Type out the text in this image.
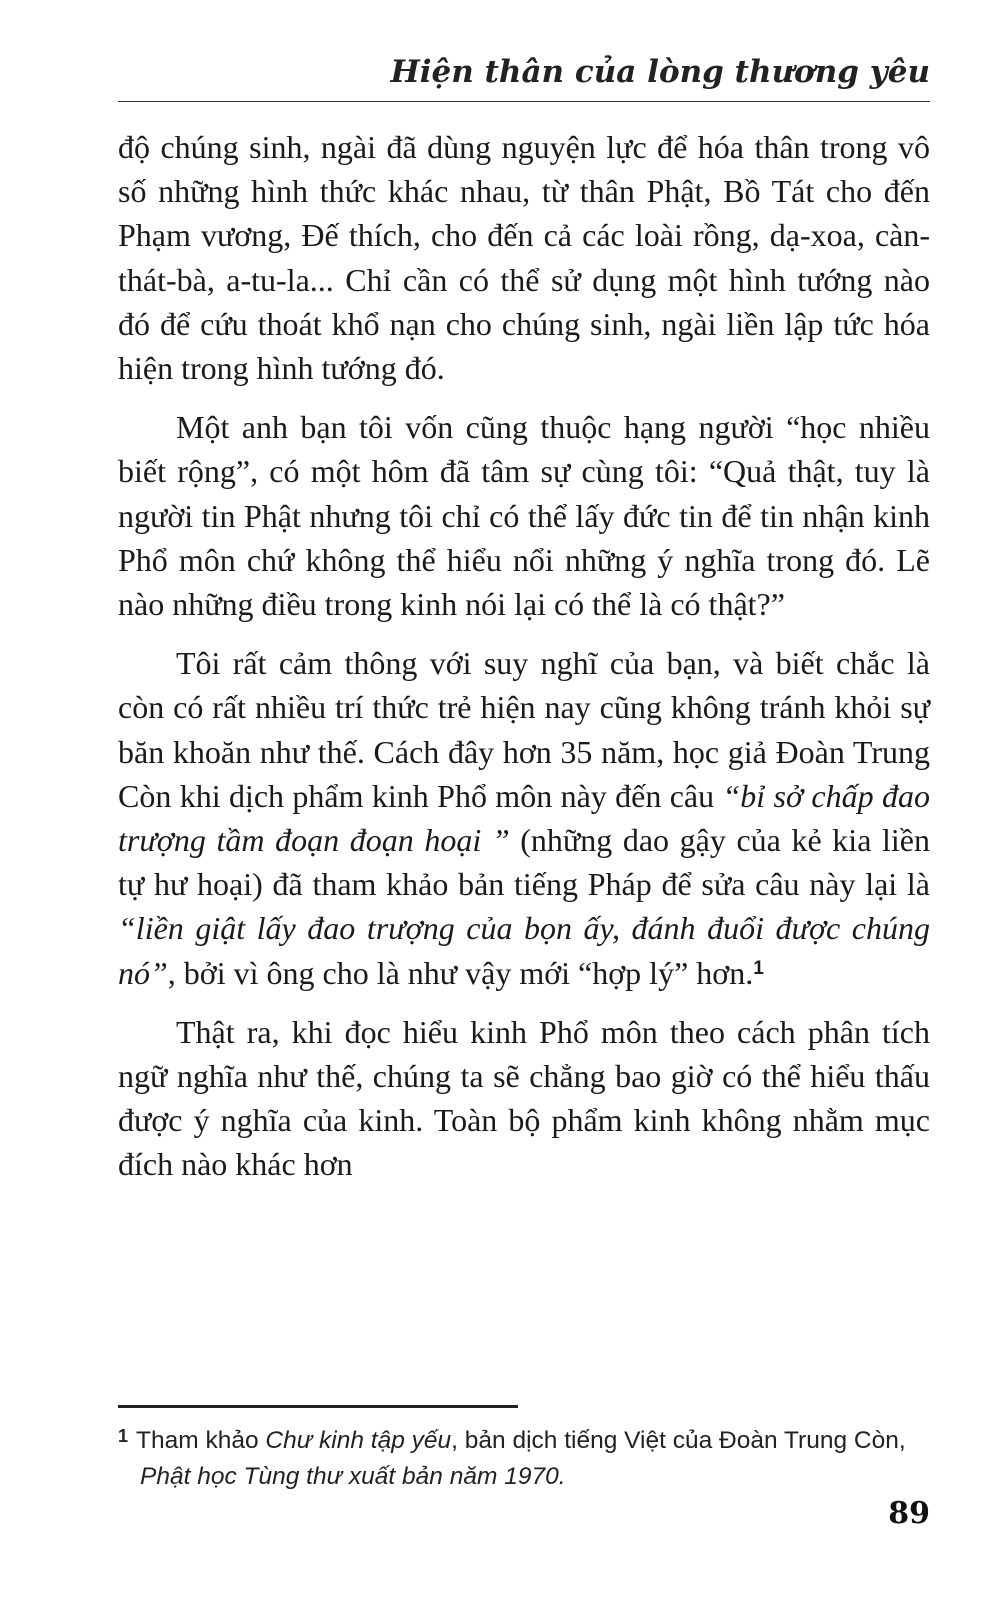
Hiện thân của lòng thương yêu

độ chúng sinh, ngài đã dùng nguyện lực để hóa thân trong vô số những hình thức khác nhau, từ thân Phật, Bồ Tát cho đến Phạm vương, Đế thích, cho đến cả các loài rồng, dạ-xoa, càn-thát-bà, a-tu-la... Chỉ cần có thể sử dụng một hình tướng nào đó để cứu thoát khổ nạn cho chúng sinh, ngài liền lập tức hóa hiện trong hình tướng đó.

Một anh bạn tôi vốn cũng thuộc hạng người “học nhiều biết rộng”, có một hôm đã tâm sự cùng tôi: “Quả thật, tuy là người tin Phật nhưng tôi chỉ có thể lấy đức tin để tin nhận kinh Phổ môn chứ không thể hiểu nổi những ý nghĩa trong đó. Lẽ nào những điều trong kinh nói lại có thể là có thật?”

Tôi rất cảm thông với suy nghĩ của bạn, và biết chắc là còn có rất nhiều trí thức trẻ hiện nay cũng không tránh khỏi sự băn khoăn như thế. Cách đây hơn 35 năm, học giả Đoàn Trung Còn khi dịch phẩm kinh Phổ môn này đến câu “bỉ sở chấp đao trượng tầm đoạn đoạn hoại ” (những dao gậy của kẻ kia liền tự hư hoại) đã tham khảo bản tiếng Pháp để sửa câu này lại là “liền giật lấy đao trượng của bọn ấy, đánh đuổi được chúng nó”, bởi vì ông cho là như vậy mới “hợp lý” hơn.$^1$

Thật ra, khi đọc hiểu kinh Phổ môn theo cách phân tích ngữ nghĩa như thế, chúng ta sẽ chẳng bao giờ có thể hiểu thấu được ý nghĩa của kinh. Toàn bộ phẩm kinh không nhằm mục đích nào khác hơn

$^1$ Tham khảo Chư kinh tập yếu, bản dịch tiếng Việt của Đoàn Trung Còn, Phật học Tùng thư xuất bản năm 1970.
89
